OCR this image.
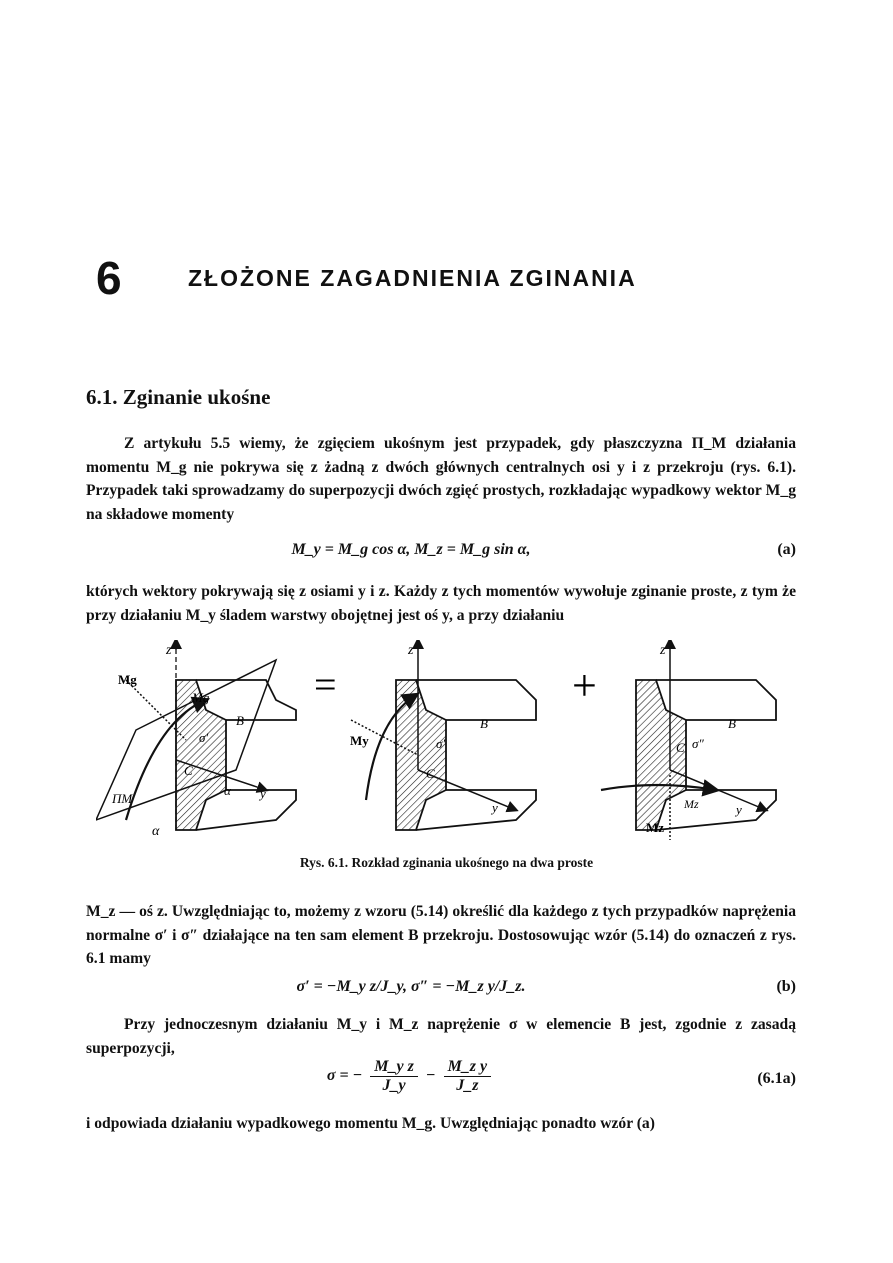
6	ZŁOŻONE ZAGADNIENIA ZGINANIA
6.1. Zginanie ukośne

Z artykułu 5.5 wiemy, że zgięciem ukośnym jest przypadek, gdy płaszczyzna Π_M działania momentu M_g nie pokrywa się z żadną z dwóch głównych centralnych osi y i z przekroju (rys. 6.1). Przypadek taki sprowadzamy do superpozycji dwóch zgięć prostych, rozkładając wypadkowy wektor M_g na składowe momenty

M_y = M_g cos α, M_z = M_g sin α,	(a)

których wektory pokrywają się z osiami y i z. Każdy z tych momentów wywołuje zginanie proste, z tym że przy działaniu M_y śladem warstwy obojętnej jest oś y, a przy działaniu

z
Mg
Mg
B
C
σ′
y
ΠM
α
α
=
z
My
B
C
σ′
y
+
z
B
C σ″
Mz
Mz
y
Rys. 6.1. Rozkład zginania ukośnego na dwa proste

M_z — oś z. Uwzględniając to, możemy z wzoru (5.14) określić dla każdego z tych przypadków naprężenia normalne σ′ i σ″ działające na ten sam element B przekroju. Dostosowując wzór (5.14) do oznaczeń z rys. 6.1 mamy

σ′ = −M_y z/J_y, σ″ = −M_z y/J_z.	(b)

Przy jednoczesnym działaniu M_y i M_z naprężenie σ w elemencie B jest, zgodnie z zasadą superpozycji,

σ = − $\frac{\text{M\_y z}}{J\_y} - \frac{\text{M\_z y}}{J\_z}$	(6.1a)

i odpowiada działaniu wypadkowego momentu M_g. Uwzględniając ponadto wzór (a)
